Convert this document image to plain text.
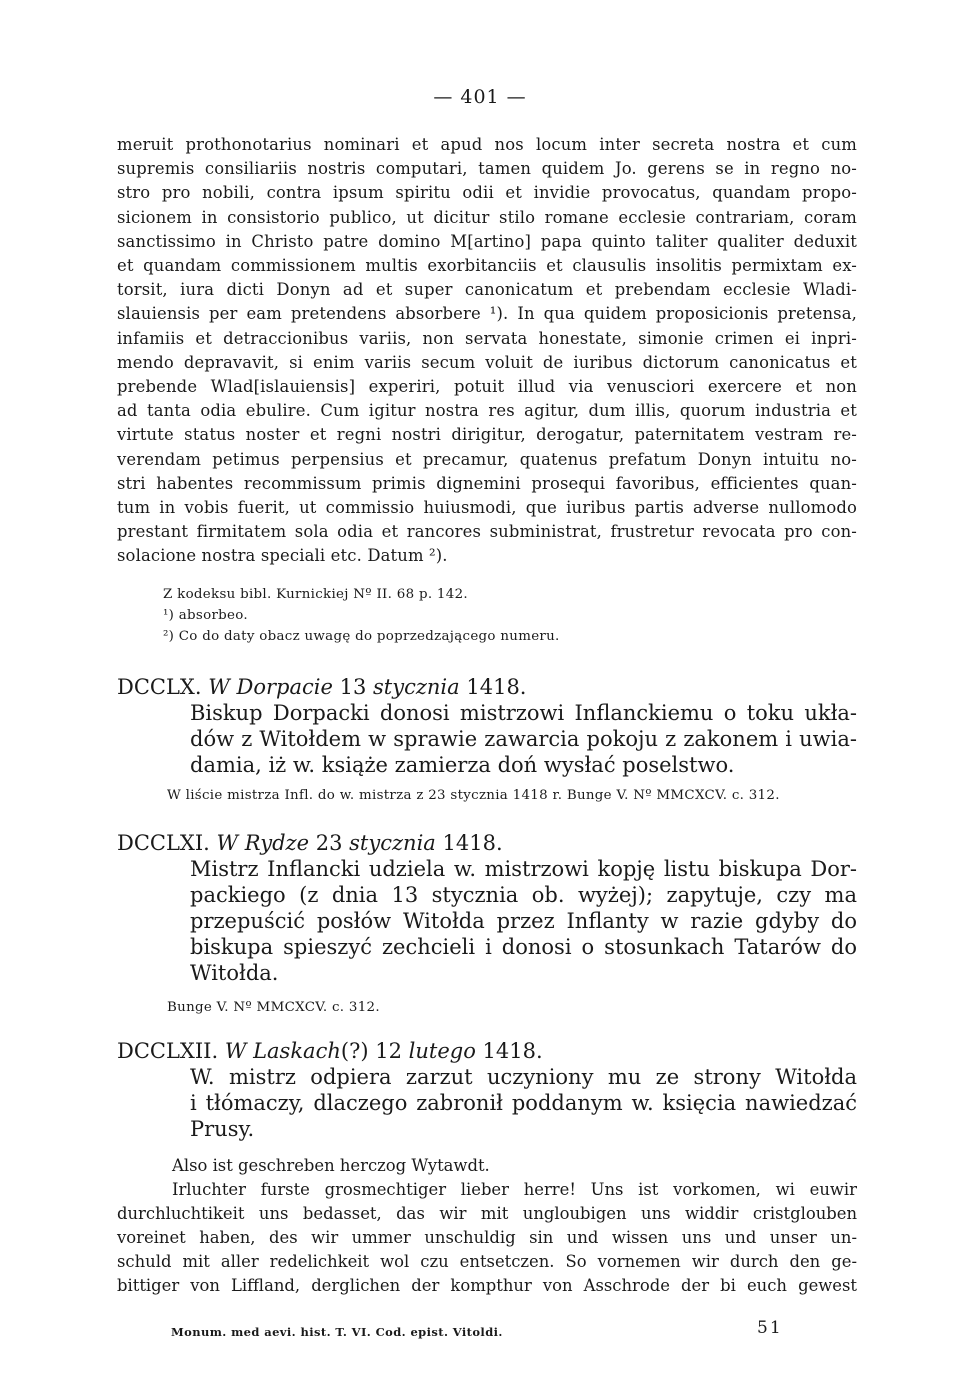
— 401 —

meruit prothonotarius nominari et apud nos locum inter secreta nostra et cum
supremis consiliariis nostris computari, tamen quidem Jo. gerens se in regno no-
stro pro nobili, contra ipsum spiritu odii et invidie provocatus, quandam propo-
sicionem in consistorio publico, ut dicitur stilo romane ecclesie contrariam, coram
sanctissimo in Christo patre domino M[artino] papa quinto taliter qualiter deduxit
et quandam commissionem multis exorbitanciis et clausulis insolitis permixtam ex-
torsit, iura dicti Donyn ad et super canonicatum et prebendam ecclesie Wladi-
slauiensis per eam pretendens absorbere ¹). In qua quidem proposicionis pretensa,
infamiis et detraccionibus variis, non servata honestate, simonie crimen ei inpri-
mendo depravavit, si enim variis secum voluit de iuribus dictorum canonicatus et
prebende Wlad[islauiensis] experiri, potuit illud via venusciori exercere et non
ad tanta odia ebulire. Cum igitur nostra res agitur, dum illis, quorum industria et
virtute status noster et regni nostri dirigitur, derogatur, paternitatem vestram re-
verendam petimus perpensius et precamur, quatenus prefatum Donyn intuitu no-
stri habentes recommissum primis dignemini prosequi favoribus, efficientes quan-
tum in vobis fuerit, ut commissio huiusmodi, que iuribus partis adverse nullomodo
prestant firmitatem sola odia et rancores subministrat, frustretur revocata pro con-
solacione nostra speciali etc. Datum ²).

Z kodeksu bibl. Kurnickiej Nº II. 68 p. 142.

¹) absorbeo.

²) Co do daty obacz uwagę do poprzedzającego numeru.

DCCLX. W Dorpacie 13 stycznia 1418.

Biskup Dorpacki donosi mistrzowi Inflanckiemu o toku ukła-
dów z Witołdem w sprawie zawarcia pokoju z zakonem i uwia-
damia, iż w. książe zamierza doń wysłać poselstwo.

W liście mistrza Infl. do w. mistrza z 23 stycznia 1418 r. Bunge V. Nº MMCXCV. c. 312.

DCCLXI. W Rydze 23 stycznia 1418.

Mistrz Inflancki udziela w. mistrzowi kopję listu biskupa Dor-
packiego (z dnia 13 stycznia ob. wyżej); zapytuje, czy ma
przepuścić posłów Witołda przez Inflanty w razie gdyby do
biskupa spieszyć zechcieli i donosi o stosunkach Tatarów do
Witołda.

Bunge V. Nº MMCXCV. c. 312.

DCCLXII. W Laskach(?) 12 lutego 1418.

W. mistrz odpiera zarzut uczyniony mu ze strony Witołda
i tłómaczy, dlaczego zabronił poddanym w. księcia nawiedzać
Prusy.

Also ist geschreben herczog Wytawdt.
Irluchter furste grosmechtiger lieber herre! Uns ist vorkomen, wi euwir
durchluchtikeit uns bedasset, das wir mit ungloubigen uns widdir cristglouben
voreinet haben, des wir ummer unschuldig sin und wissen uns und unser un-
schuld mit aller redelichkeit wol czu entsetczen. So vornemen wir durch den ge-
bittiger von Liffland, derglichen der kompthur von Asschrode der bi euch gewest

Monum. med aevi. hist. T. VI. Cod. epist. Vitoldi.	51
